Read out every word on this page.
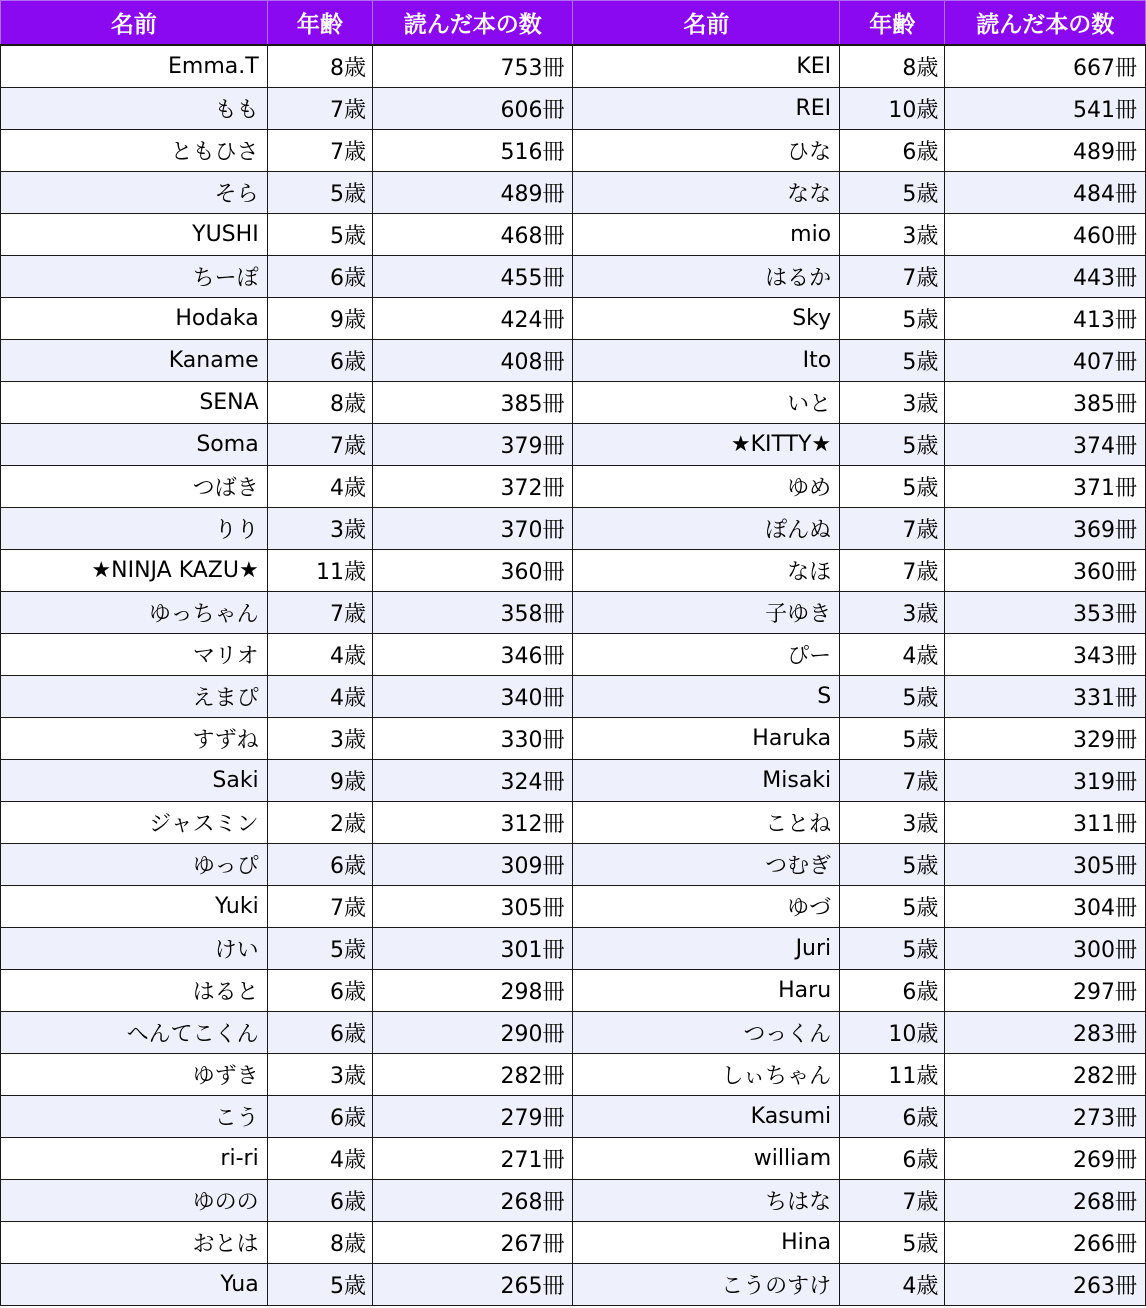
名前	年齢	読んだ本の数	名前	年齢	読んだ本の数
Emma.T	8歳	753冊	KEI	8歳	667冊
もも	7歳	606冊	REI	10歳	541冊
ともひさ	7歳	516冊	ひな	6歳	489冊
そら	5歳	489冊	なな	5歳	484冊
YUSHI	5歳	468冊	mio	3歳	460冊
ちーぽ	6歳	455冊	はるか	7歳	443冊
Hodaka	9歳	424冊	Sky	5歳	413冊
Kaname	6歳	408冊	Ito	5歳	407冊
SENA	8歳	385冊	いと	3歳	385冊
Soma	7歳	379冊	★KITTY★	5歳	374冊
つばき	4歳	372冊	ゆめ	5歳	371冊
りり	3歳	370冊	ぽんぬ	7歳	369冊
★NINJA KAZU★	11歳	360冊	なほ	7歳	360冊
ゆっちゃん	7歳	358冊	子ゆき	3歳	353冊
マリオ	4歳	346冊	ぴー	4歳	343冊
えまぴ	4歳	340冊	S	5歳	331冊
すずね	3歳	330冊	Haruka	5歳	329冊
Saki	9歳	324冊	Misaki	7歳	319冊
ジャスミン	2歳	312冊	ことね	3歳	311冊
ゆっぴ	6歳	309冊	つむぎ	5歳	305冊
Yuki	7歳	305冊	ゆづ	5歳	304冊
けい	5歳	301冊	Juri	5歳	300冊
はると	6歳	298冊	Haru	6歳	297冊
へんてこくん	6歳	290冊	つっくん	10歳	283冊
ゆずき	3歳	282冊	しぃちゃん	11歳	282冊
こう	6歳	279冊	Kasumi	6歳	273冊
ri-ri	4歳	271冊	william	6歳	269冊
ゆのの	6歳	268冊	ちはな	7歳	268冊
おとは	8歳	267冊	Hina	5歳	266冊
Yua	5歳	265冊	こうのすけ	4歳	263冊
